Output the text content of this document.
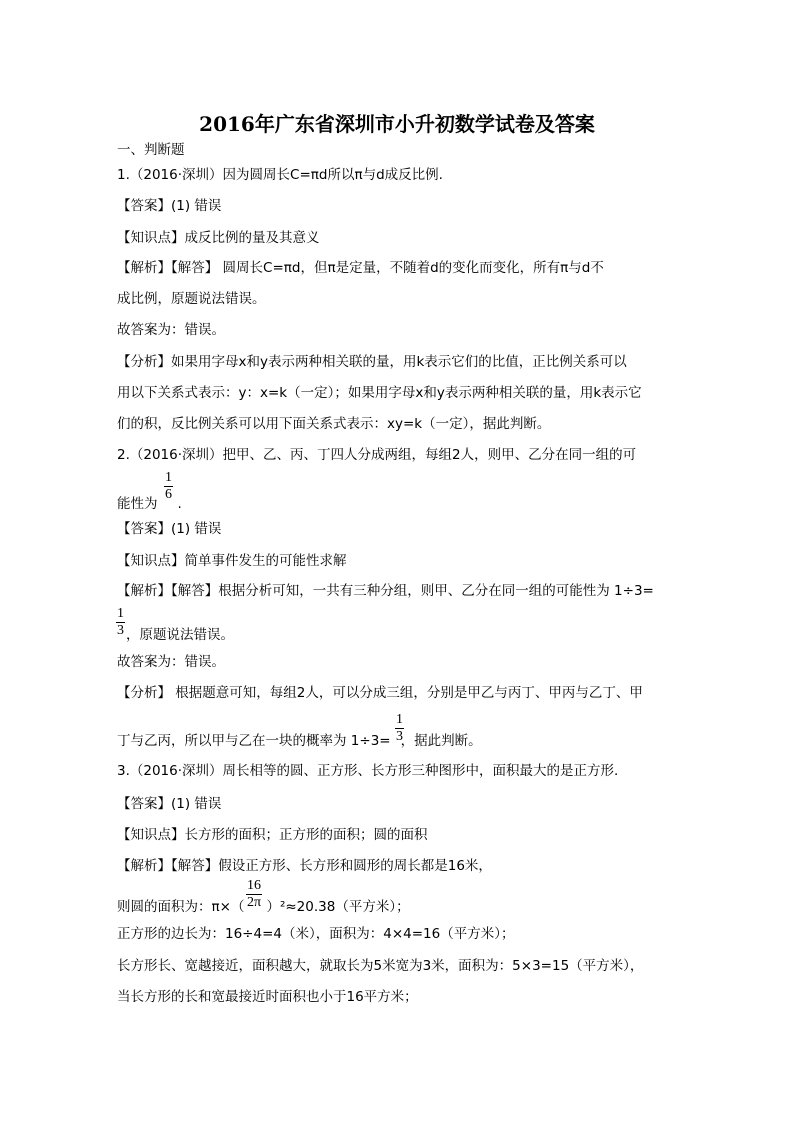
2016年广东省深圳市小升初数学试卷及答案
一、判断题
1.（2016·深圳）因为圆周长C=πd所以π与d成反比例.
【答案】(1) 错误
【知识点】成反比例的量及其意义
【解析】【解答】 圆周长C=πd，但π是定量，不随着d的变化而变化，所有π与d不
成比例，原题说法错误。
故答案为：错误。
【分析】如果用字母x和y表示两种相关联的量，用k表示它们的比值，正比例关系可以
用以下关系式表示：y：x=k（一定）；如果用字母x和y表示两种相关联的量，用k表示它
们的积，反比例关系可以用下面关系式表示：xy=k（一定），据此判断。
2.（2016·深圳）把甲、乙、丙、丁四人分成两组，每组2人，则甲、乙分在同一组的可
能性为 .
$\frac{1}{6}$
【答案】(1) 错误
【知识点】简单事件发生的可能性求解
【解析】【解答】根据分析可知，一共有三种分组，则甲、乙分在同一组的可能性为 1÷3=
$\frac{1}{3}$ ，原题说法错误。
故答案为：错误。
【分析】 根据题意可知，每组2人，可以分成三组，分别是甲乙与丙丁、甲丙与乙丁、甲
丁与乙丙，所以甲与乙在一块的概率为 1÷3= ，据此判断。
$\frac{1}{3}$
3.（2016·深圳）周长相等的圆、正方形、长方形三种图形中，面积最大的是正方形.
【答案】(1) 错误
【知识点】长方形的面积；正方形的面积；圆的面积
【解析】【解答】假设正方形、长方形和圆形的周长都是16米，
则圆的面积为：π×（ ）²≈20.38（平方米）；
$\frac{16}{2\pi}$
正方形的边长为：16÷4=4（米），面积为：4×4=16（平方米）；
长方形长、宽越接近，面积越大，就取长为5米宽为3米，面积为：5×3=15（平方米），
当长方形的长和宽最接近时面积也小于16平方米；
